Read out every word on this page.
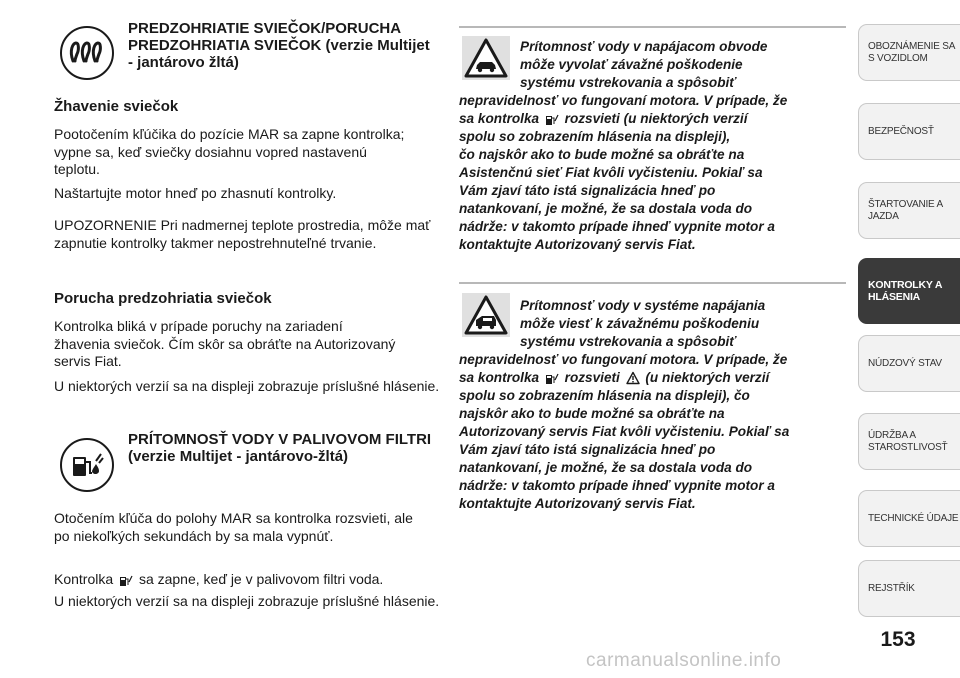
PREDZOHRIATIE SVIEČOK/PORUCHA PREDZOHRIATIA SVIEČOK (verzie Multijet - jantárovo žltá)

Žhavenie sviečok

Pootočením kľúčika do pozície MAR sa zapne kontrolka; vypne sa, keď sviečky dosiahnu vopred nastavenú teplotu.

Naštartujte motor hneď po zhasnutí kontrolky.

UPOZORNENIE Pri nadmernej teplote prostredia, môže mať zapnutie kontrolky takmer nepostrehnuteľné trvanie.

Porucha predzohriatia sviečok

Kontrolka bliká v prípade poruchy na zariadení žhavenia sviečok. Čím skôr sa obráťte na Autorizovaný servis Fiat.

U niektorých verzií sa na displeji zobrazuje príslušné hlásenie.

PRÍTOMNOSŤ VODY V PALIVOVOM FILTRI (verzie Multijet - jantárovo-žltá)

Otočením kľúča do polohy MAR sa kontrolka rozsvieti, ale po niekoľkých sekundách by sa mala vypnúť.

Kontrolka sa zapne, keď je v palivovom filtri voda.

U niektorých verzií sa na displeji zobrazuje príslušné hlásenie.

Prítomnosť vody v napájacom obvode

môže vyvolať závažné poškodenie

systému vstrekovania a spôsobiť

nepravidelnosť vo fungovaní motora. V prípade, že

sa kontrolka rozsvieti (u niektorých verzií

spolu so zobrazením hlásenia na displeji),

čo najskôr ako to bude možné sa obráťte na

Asistenčnú sieť Fiat kvôli vyčisteniu. Pokiaľ sa

Vám zjaví táto istá signalizácia hneď po

natankovaní, je možné, že sa dostala voda do

nádrže: v takomto prípade ihneď vypnite motor a

kontaktujte Autorizovaný servis Fiat.

Prítomnosť vody v systéme napájania

môže viesť k závažnému poškodeniu

systému vstrekovania a spôsobiť

nepravidelnosť vo fungovaní motora. V prípade, že

sa kontrolka rozsvieti (u niektorých verzií

spolu so zobrazením hlásenia na displeji), čo

najskôr ako to bude možné sa obráťte na

Autorizovaný servis Fiat kvôli vyčisteniu. Pokiaľ sa

Vám zjaví táto istá signalizácia hneď po

natankovaní, je možné, že sa dostala voda do

nádrže: v takomto prípade ihneď vypnite motor a

kontaktujte Autorizovaný servis Fiat.

OBOZNÁMENIE SA
S VOZIDLOM
BEZPEČNOSŤ
ŠTARTOVANIE A
JAZDA
KONTROLKY A
HLÁSENIA
NÚDZOVÝ STAV
ÚDRŽBA A
STAROSTLIVOSŤ
TECHNICKÉ ÚDAJE
REJSTŘÍK
153
carmanualsonline.info
